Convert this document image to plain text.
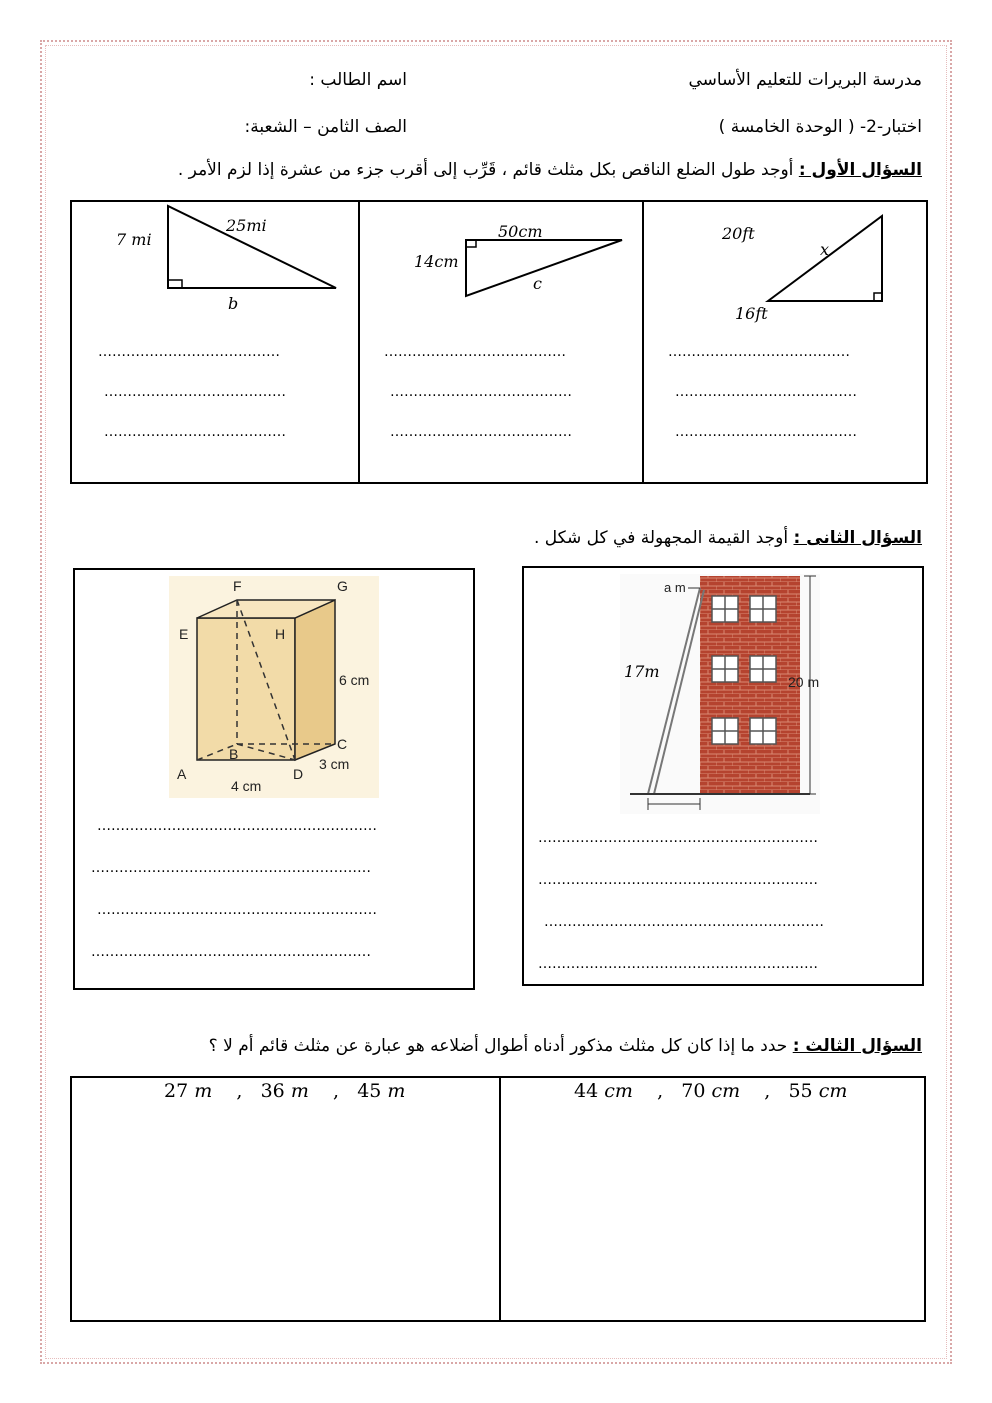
مدرسة البريرات للتعليم الأساسي
اسم الطالب :
اختبار-2- ( الوحدة الخامسة )
الصف الثامن – الشعبة:
السؤال الأول : أوجد طول الضلع الناقص بكل مثلث قائم ، قَرِّب إلى أقرب جزء من عشرة إذا لزم الأمر .
20ft
16ft
x
…………………………………
…………………………………
…………………………………
50cm
14cm
c
…………………………………
…………………………………
…………………………………
25mi
7 mi
b
…………………………………
…………………………………
…………………………………
السؤال الثانى : أوجد القيمة المجهولة في كل شكل .
F	G
E	H
6 cm
C
B
3 cm
A	D
4 cm
……………………………………………………
……………………………………………………
……………………………………………………
……………………………………………………
a m
17m
20 m
……………………………………………………
……………………………………………………
……………………………………………………
……………………………………………………
السؤال الثالث : حدد ما إذا كان كل مثلث مذكور أدناه أطوال أضلاعه هو عبارة عن مثلث قائم أم لا ؟
44 cm    ,   70 cm    ,   55 cm
27 m    ,   36 m    ,   45 m
